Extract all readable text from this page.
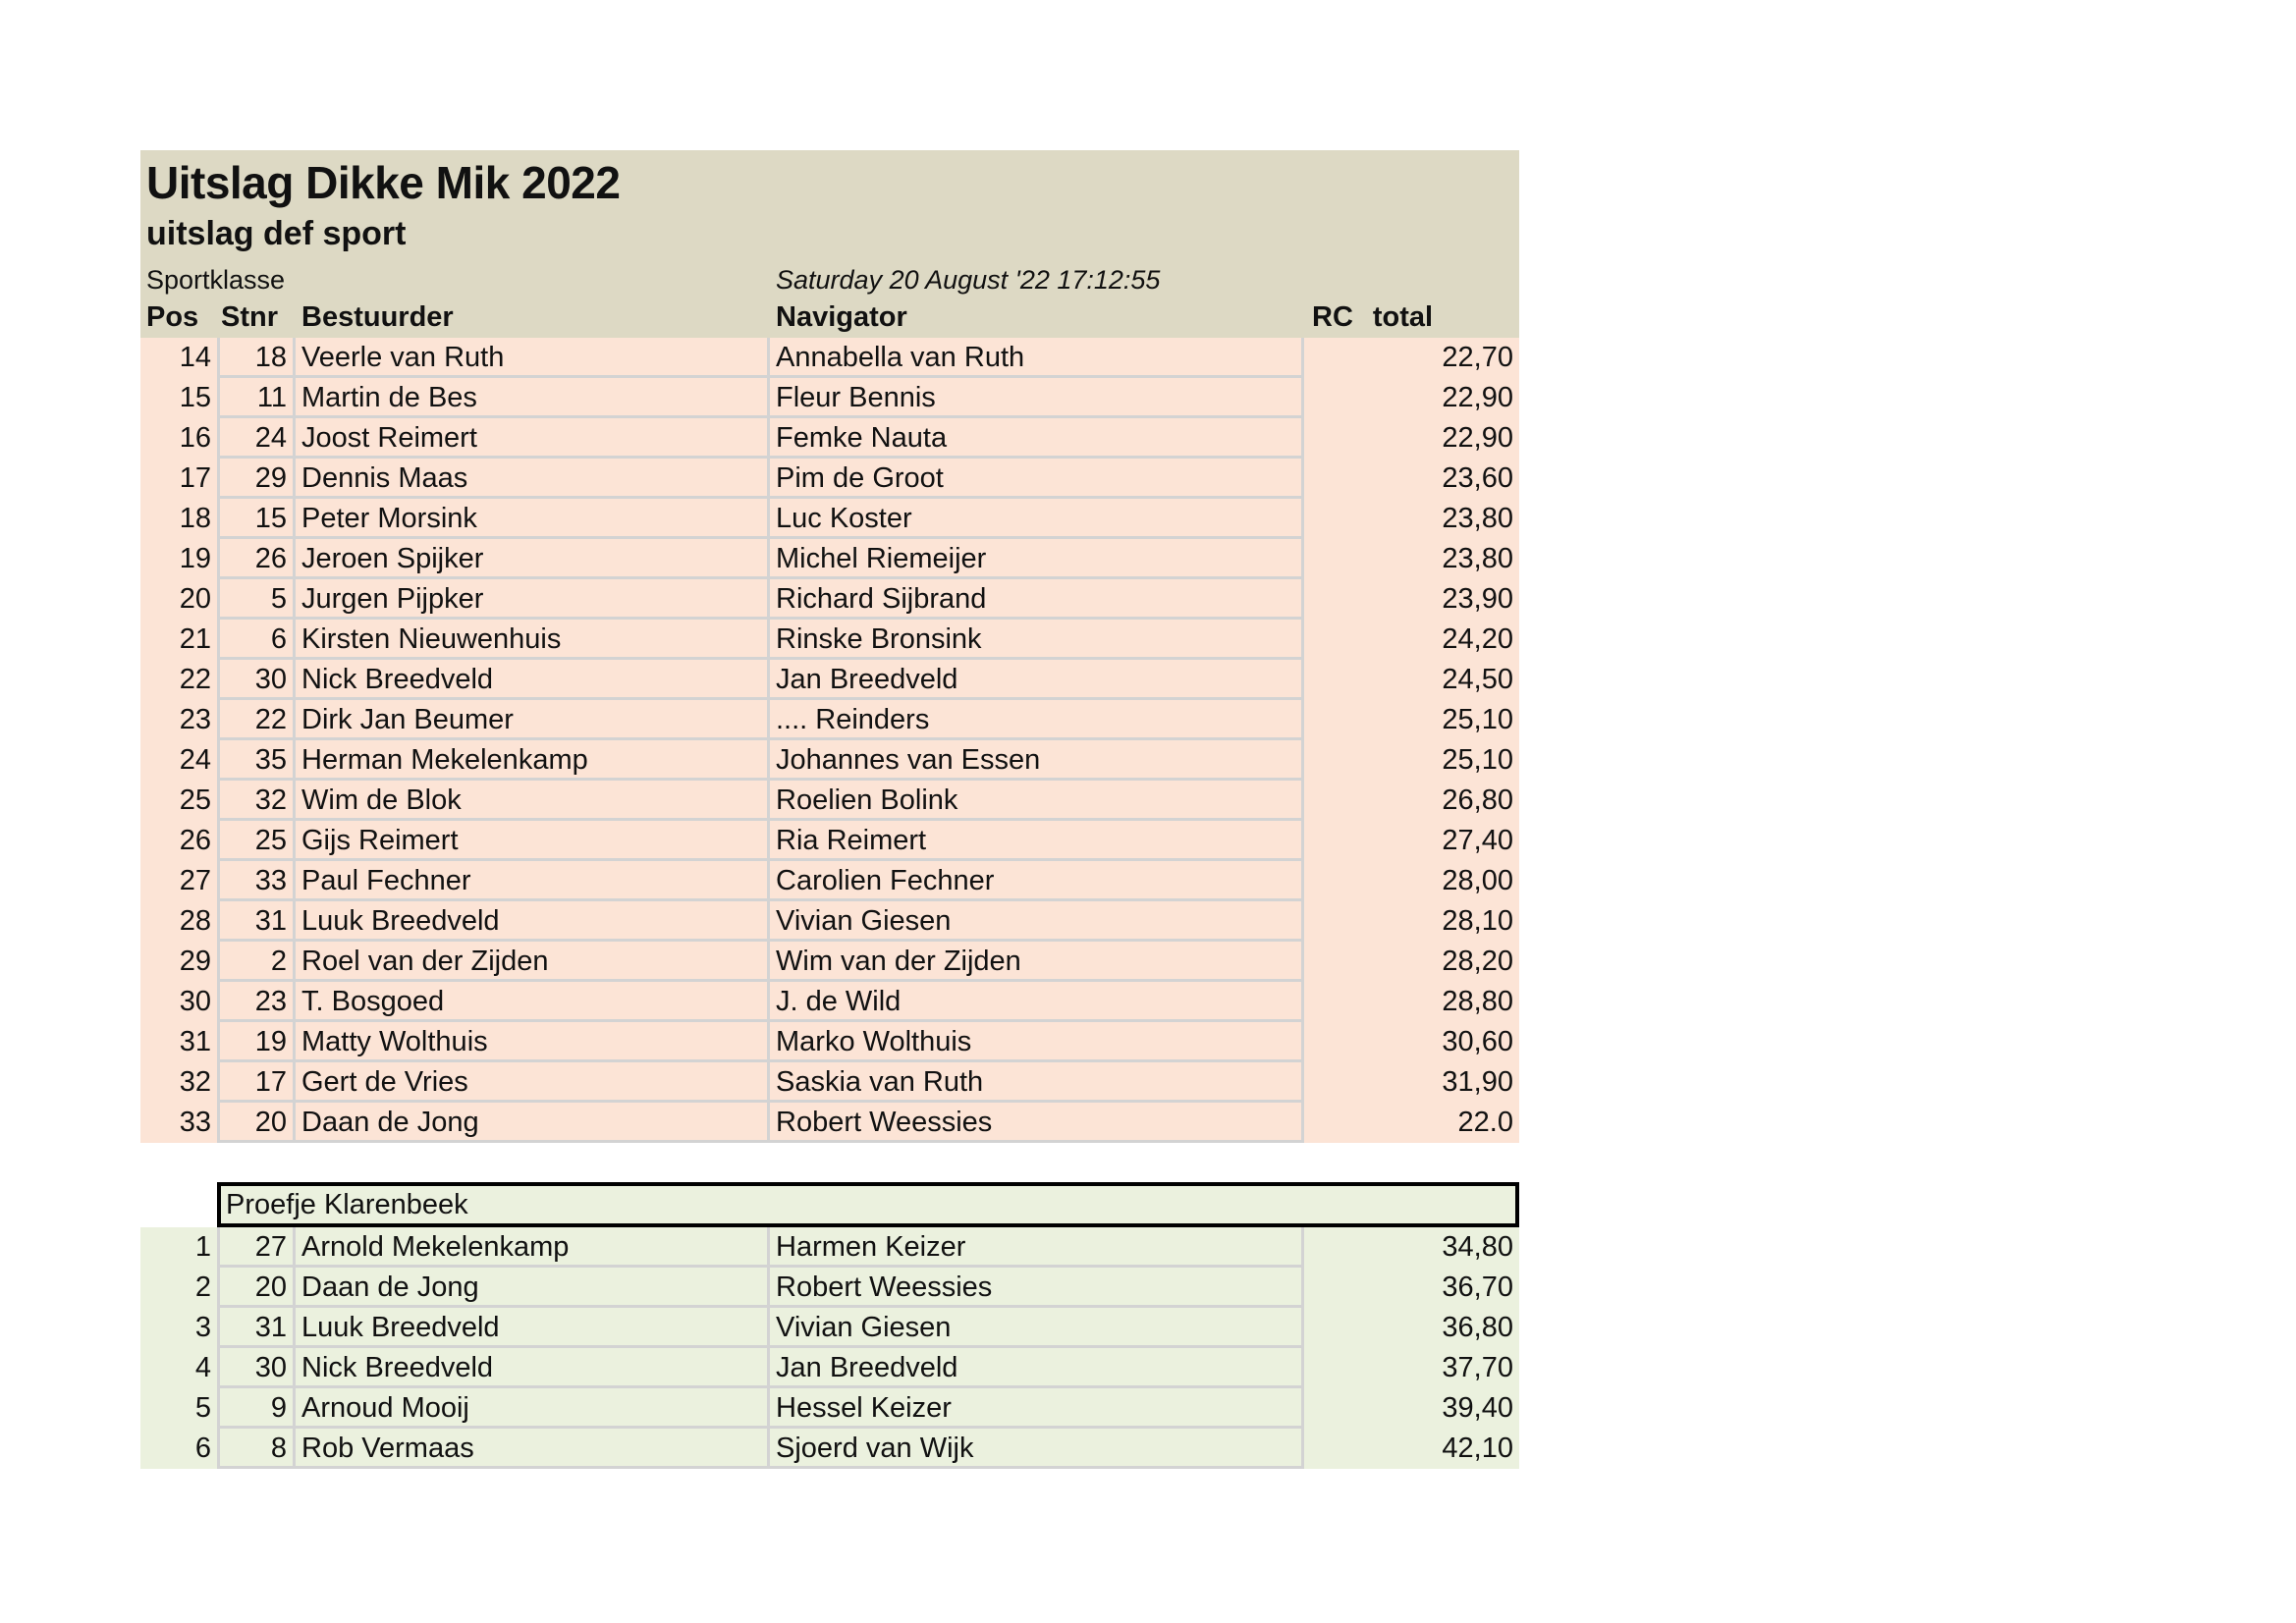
Uitslag Dikke Mik 2022
uitslag def sport
Sportklasse	Saturday 20 August '22 17:12:55
Pos Stnr Bestuurder	Navigator	RC total
14	18 Veerle van Ruth	Annabella van Ruth	22,70
15	11 Martin de Bes	Fleur Bennis	22,90
16	24 Joost Reimert	Femke Nauta	22,90
17	29 Dennis Maas	Pim de Groot	23,60
18	15 Peter Morsink	Luc Koster	23,80
19	26 Jeroen Spijker	Michel Riemeijer	23,80
20	5 Jurgen Pijpker	Richard Sijbrand	23,90
21	6 Kirsten Nieuwenhuis	Rinske Bronsink	24,20
22	30 Nick Breedveld	Jan Breedveld	24,50
23	22 Dirk Jan Beumer	.... Reinders	25,10
24	35 Herman Mekelenkamp	Johannes van Essen	25,10
25	32 Wim de Blok	Roelien Bolink	26,80
26	25 Gijs Reimert	Ria Reimert	27,40
27	33 Paul Fechner	Carolien Fechner	28,00
28	31 Luuk Breedveld	Vivian Giesen	28,10
29	2 Roel van der Zijden	Wim van der Zijden	28,20
30	23 T. Bosgoed	J. de Wild	28,80
31	19 Matty Wolthuis	Marko Wolthuis	30,60
32	17 Gert de Vries	Saskia van Ruth	31,90
33	20 Daan de Jong	Robert Weessies	22.0
Proefje Klarenbeek
1	27 Arnold Mekelenkamp	Harmen Keizer	34,80
2	20 Daan de Jong	Robert Weessies	36,70
3	31 Luuk Breedveld	Vivian Giesen	36,80
4	30 Nick Breedveld	Jan Breedveld	37,70
5	9 Arnoud Mooij	Hessel Keizer	39,40
6	8 Rob Vermaas	Sjoerd van Wijk	42,10
